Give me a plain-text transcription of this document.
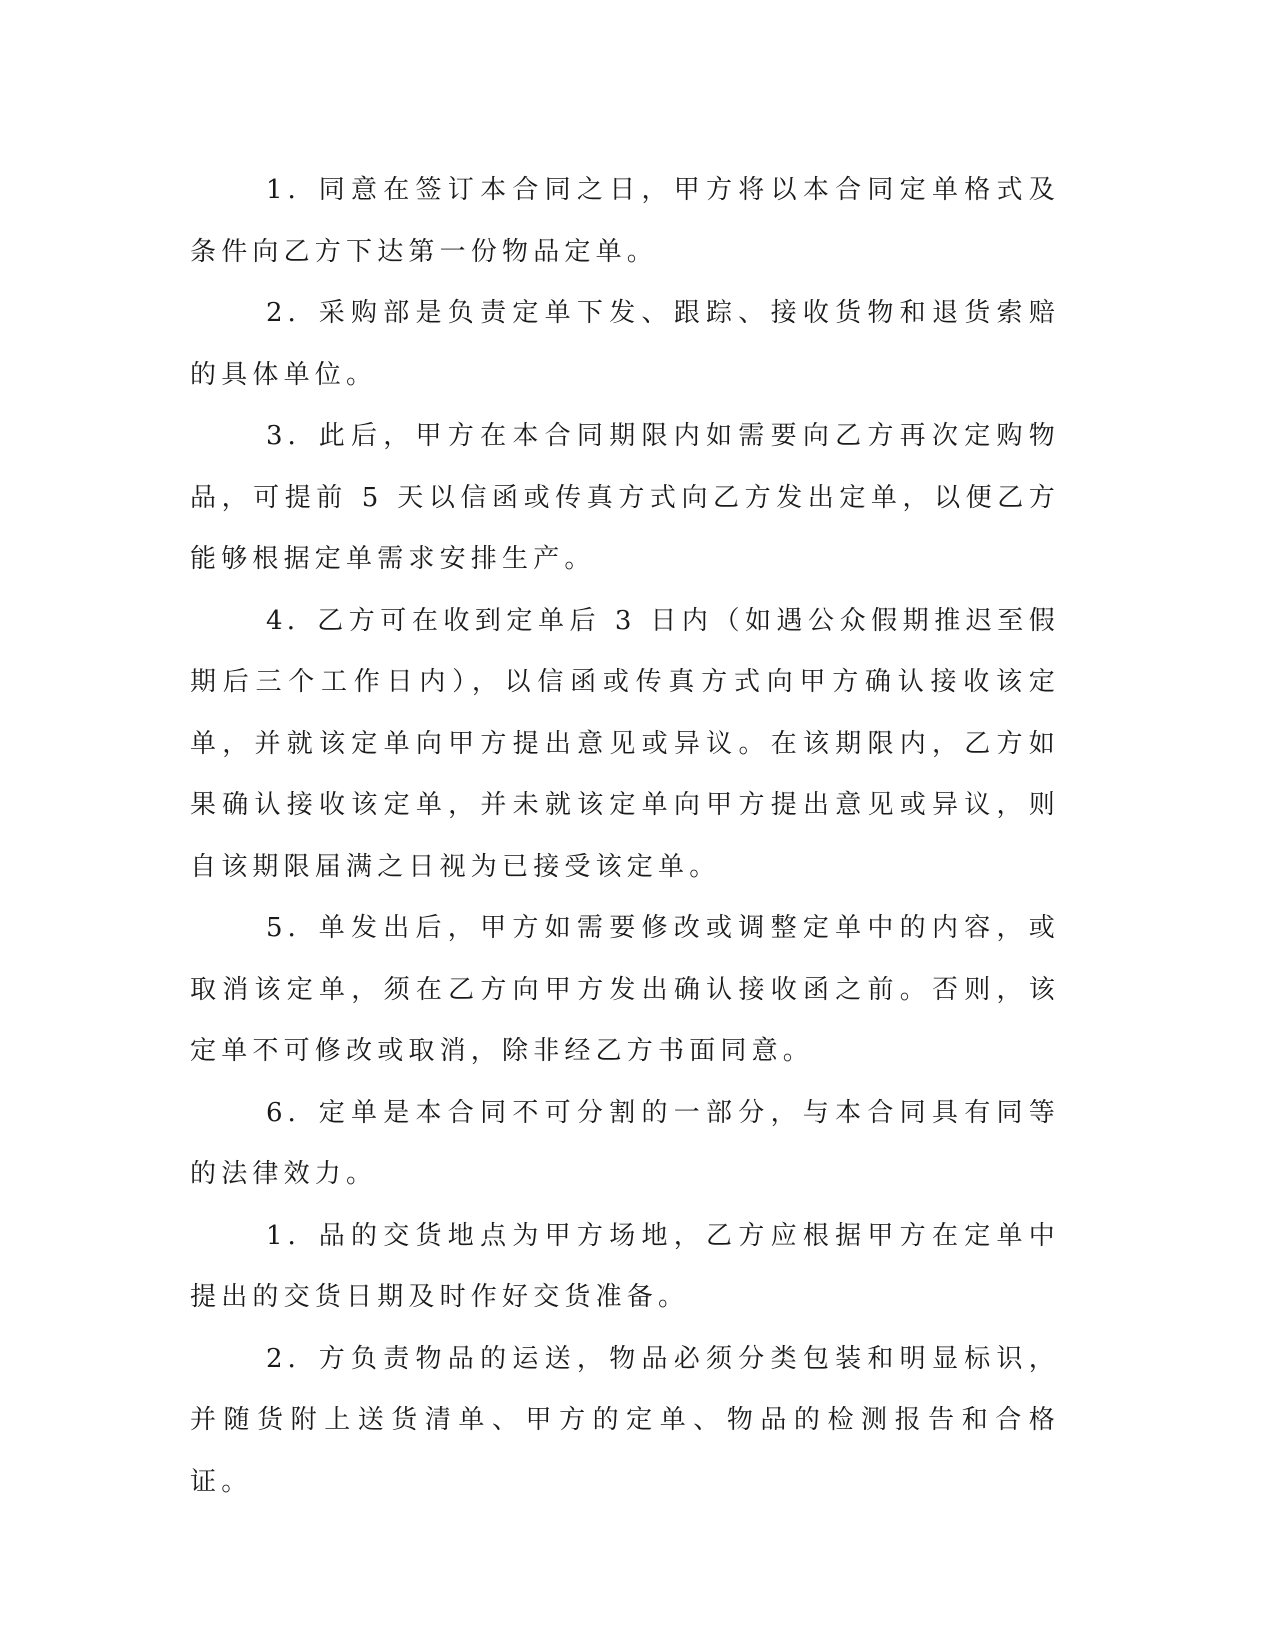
1．同意在签订本合同之日，甲方将以本合同定单格式及条件向乙方下达第一份物品定单。

2．采购部是负责定单下发、跟踪、接收货物和退货索赔的具体单位。

3．此后，甲方在本合同期限内如需要向乙方再次定购物品，可提前 5 天以信函或传真方式向乙方发出定单，以便乙方能够根据定单需求安排生产。

4．乙方可在收到定单后 3 日内（如遇公众假期推迟至假期后三个工作日内），以信函或传真方式向甲方确认接收该定单，并就该定单向甲方提出意见或异议。在该期限内，乙方如果确认接收该定单，并未就该定单向甲方提出意见或异议，则自该期限届满之日视为已接受该定单。

5．单发出后，甲方如需要修改或调整定单中的内容，或取消该定单，须在乙方向甲方发出确认接收函之前。否则，该定单不可修改或取消，除非经乙方书面同意。

6．定单是本合同不可分割的一部分，与本合同具有同等的法律效力。

1．品的交货地点为甲方场地，乙方应根据甲方在定单中提出的交货日期及时作好交货准备。

2．方负责物品的运送，物品必须分类包装和明显标识，并随货附上送货清单、甲方的定单、物品的检测报告和合格证。
